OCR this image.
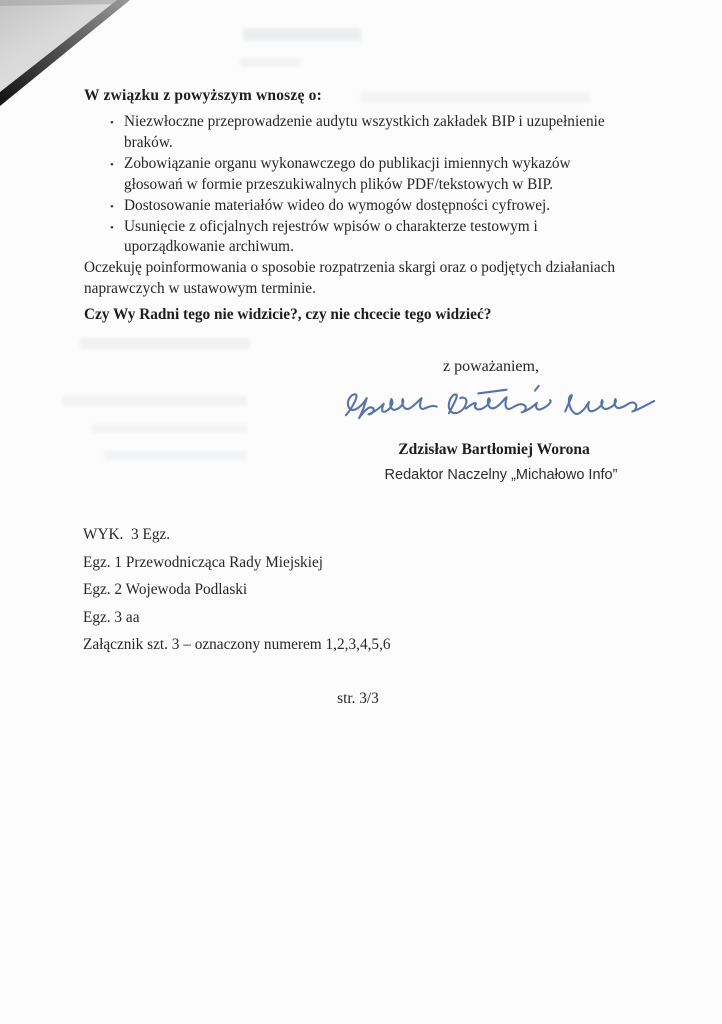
W związku z powyższym wnoszę o:
• Niezwłoczne przeprowadzenie audytu wszystkich zakładek BIP i uzupełnienie braków.
• Zobowiązanie organu wykonawczego do publikacji imiennych wykazów głosowań w formie przeszukiwalnych plików PDF/tekstowych w BIP.
• Dostosowanie materiałów wideo do wymogów dostępności cyfrowej.
• Usunięcie z oficjalnych rejestrów wpisów o charakterze testowym i uporządkowanie archiwum.

Oczekuję poinformowania o sposobie rozpatrzenia skargi oraz o podjętych działaniach naprawczych w ustawowym terminie.

Czy Wy Radni tego nie widzicie?, czy nie chcecie tego widzieć?

z poważaniem,

Zdzisław Bartłomiej Worona

Redaktor Naczelny „Michałowo Info”

WYK.  3 Egz.
Egz. 1 Przewodnicząca Rady Miejskiej
Egz. 2 Wojewoda Podlaski
Egz. 3 aa
Załącznik szt. 3 – oznaczony numerem 1,2,3,4,5,6

str. 3/3
